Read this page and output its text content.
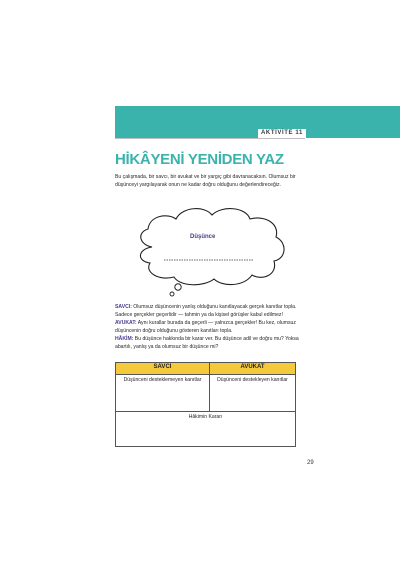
AKTİVİTE 11
HİKÂYENİ YENİDEN YAZ

Bu çalışmada, bir savcı, bir avukat ve bir yargıç gibi davranacaksın. Olumsuz bir düşünceyi yargılayarak onun ne kadar doğru olduğunu değerlendireceğiz.

Düşünce

SAVCI: Olumsuz düşüncenin yanlış olduğunu kanıtlayacak gerçek kanıtlar topla. Sadece gerçekler geçerlidir — tahmin ya da kişisel görüşler kabul edilmez!

AVUKAT: Aynı kurallar burada da geçerli — yalnızca gerçekler! Bu kez, olumsuz düşüncenin doğru olduğunu gösteren kanıtları topla.

HÂKİM: Bu düşünce hakkında bir karar ver. Bu düşünce adil ve doğru mu? Yoksa abartılı, yanlış ya da olumsuz bir düşünce mi?

SAVCI	AVUKAT
Düşünceni desteklemeyen kanıtlar	Düşünceni destekleyen kanıtlar
Hâkimin Kararı	
29
